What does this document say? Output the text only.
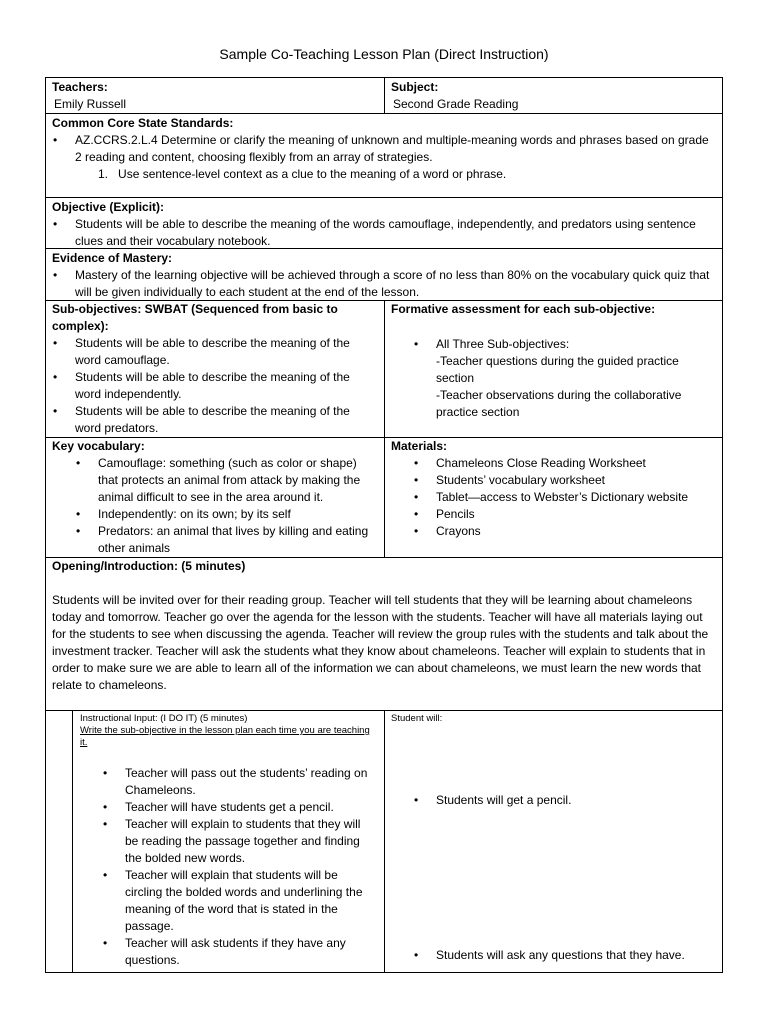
Sample Co-Teaching Lesson Plan (Direct Instruction)
Teachers:
Emily Russell
Subject:
Second Grade Reading
Common Core State Standards:
• AZ.CCRS.2.L.4 Determine or clarify the meaning of unknown and multiple-meaning words and phrases based on grade 2 reading and content, choosing flexibly from an array of strategies.
1. Use sentence-level context as a clue to the meaning of a word or phrase.
Objective (Explicit):
• Students will be able to describe the meaning of the words camouflage, independently, and predators using sentence clues and their vocabulary notebook.
Evidence of Mastery:
• Mastery of the learning objective will be achieved through a score of no less than 80% on the vocabulary quick quiz that will be given individually to each student at the end of the lesson.
Sub-objectives: SWBAT (Sequenced from basic to complex):
• Students will be able to describe the meaning of the word camouflage.
• Students will be able to describe the meaning of the word independently.
• Students will be able to describe the meaning of the word predators.
Formative assessment for each sub-objective:
• All Three Sub-objectives:
-Teacher questions during the guided practice section
-Teacher observations during the collaborative practice section
Key vocabulary:
• Camouflage: something (such as color or shape) that protects an animal from attack by making the animal difficult to see in the area around it.
• Independently: on its own; by its self
• Predators: an animal that lives by killing and eating other animals
Materials:
• Chameleons Close Reading Worksheet
• Students’ vocabulary worksheet
• Tablet—access to Webster’s Dictionary website
• Pencils
• Crayons
Opening/Introduction: (5 minutes)
Students will be invited over for their reading group. Teacher will tell students that they will be learning about chameleons today and tomorrow. Teacher go over the agenda for the lesson with the students. Teacher will have all materials laying out for the students to see when discussing the agenda. Teacher will review the group rules with the students and talk about the investment tracker. Teacher will ask the students what they know about chameleons. Teacher will explain to students that in order to make sure we are able to learn all of the information we can about chameleons, we must learn the new words that relate to chameleons.
Instructional Input: (I DO IT) (5 minutes)
Write the sub-objective in the lesson plan each time you are teaching it.
• Teacher will pass out the students’ reading on Chameleons.
• Teacher will have students get a pencil.
• Teacher will explain to students that they will be reading the passage together and finding the bolded new words.
• Teacher will explain that students will be circling the bolded words and underlining the meaning of the word that is stated in the passage.
• Teacher will ask students if they have any questions.
Student will:
• Students will get a pencil.
• Students will ask any questions that they have.
